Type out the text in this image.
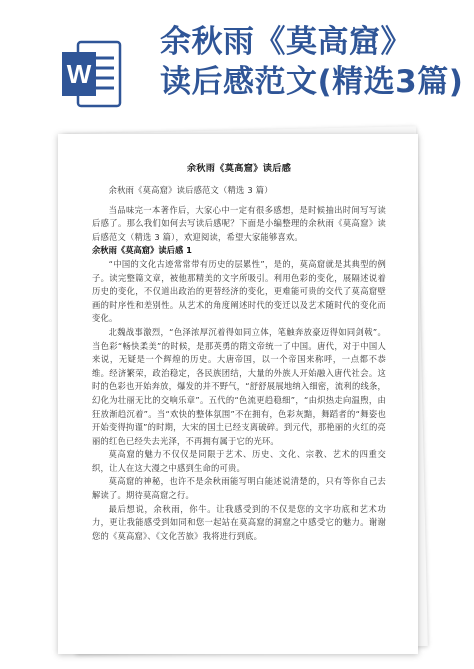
W
余秋雨《莫高窟》
读后感范文(精选3篇)
余秋雨《莫高窟》读后感

余秋雨《莫高窟》读后感范文（精选 3 篇）

当品味完一本著作后，大家心中一定有很多感想，是时候抽出时间写写读后感了。那么我们如何去写读后感呢？下面是小编整理的余秋雨《莫高窟》读后感范文（精选 3 篇），欢迎阅读，希望大家能够喜欢。

余秋雨《莫高窟》读后感 1

“中国的文化古迹常常带有历史的层累性”，是的，莫高窟就是其典型的例子。读完整篇文章，被他那精美的文字所吸引。利用色彩的变化，展隔述说着历史的变化，不仅道出政治的更替经济的变化，更难能可贵的交代了莫高窟壁画的时序性和差别性。从艺术的角度阐述时代的变迁以及艺术随时代的变化而变化。

北魏战事激烈，“色泽浓厚沉着得如同立体，笔触奔放豪迈得如同剑戟”。当色彩“畅快柔美”的时候，是那英勇的隋文帝统一了中国。唐代，对于中国人来说，无疑是一个辉煌的历史。大唐帝国，以一个帝国来称呼，一点都不恭维。经济繁荣，政治稳定，各民族团结，大量的外族人开始融入唐代社会。这时的色彩也开始奔放，爆发的并不野气，“舒舒展展地纳入细密，流利的线条，幻化为壮丽无比的交响乐章”。五代的“色流更趋稳细”，“由炽热走向温煦，由狂放渐趋沉着”。当“欢快的整体氛围”不在拥有，色彩灰黯，舞蹈者的“舞姿也开始变得拘谨”的时期，大宋的国土已经支离破碎。到元代，那艳丽的火红的亮丽的红色已经失去光泽，不再拥有属于它的光环。

莫高窟的魅力不仅仅是同限于艺术、历史、文化、宗教、艺术的四重交织，让人在这大漫之中感到生命的可贵。

莫高窟的神秘，也许不是余秋雨能写明白能述说清楚的，只有等你自己去解读了。期待莫高窟之行。

最后想说，余秋雨，你牛。让我感受到的不仅是您的文字功底和艺术功力，更让我能感受到如同和您一起站在莫高窟的洞窟之中感受它的魅力。谢谢您的《莫高窟》、《文化苦旅》我将进行到底。
